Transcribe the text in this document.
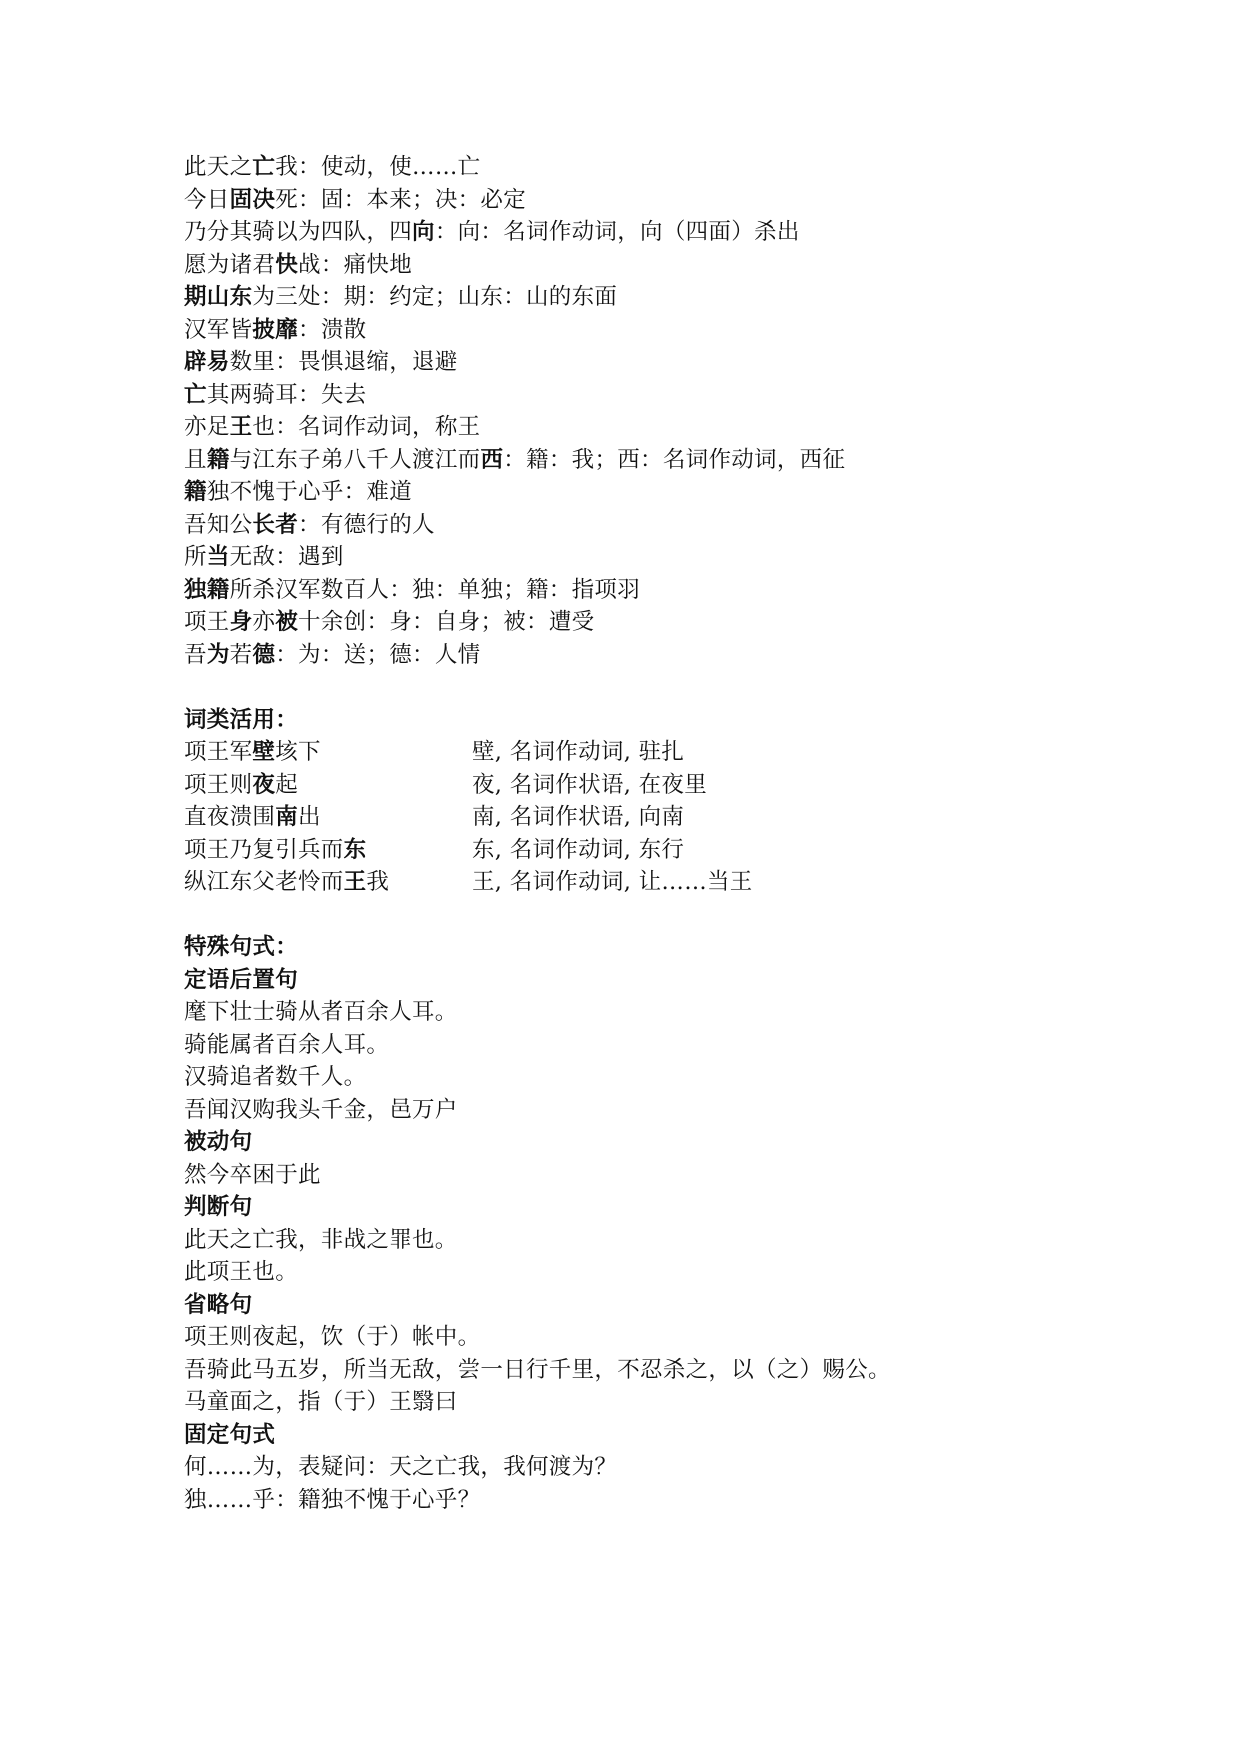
此天之亡我：使动，使……亡
今日固决死：固：本来；决：必定
乃分其骑以为四队，四向：向：名词作动词，向（四面）杀出
愿为诸君快战：痛快地
期山东为三处：期：约定；山东：山的东面
汉军皆披靡：溃散
辟易数里：畏惧退缩，退避
亡其两骑耳：失去
亦足王也：名词作动词，称王
且籍与江东子弟八千人渡江而西：籍：我；西：名词作动词，西征
籍独不愧于心乎：难道
吾知公长者：有德行的人
所当无敌：遇到
独籍所杀汉军数百人：独：单独；籍：指项羽
项王身亦被十余创：身：自身；被：遭受
吾为若德：为：送；德：人情
词类活用：
项王军壁垓下	壁, 名词作动词, 驻扎
项王则夜起	夜, 名词作状语, 在夜里
直夜溃围南出	南, 名词作状语, 向南
项王乃复引兵而东	东, 名词作动词, 东行
纵江东父老怜而王我	王, 名词作动词, 让……当王
特殊句式：
定语后置句
麾下壮士骑从者百余人耳。
骑能属者百余人耳。
汉骑追者数千人。
吾闻汉购我头千金，邑万户
被动句
然今卒困于此
判断句
此天之亡我，非战之罪也。
此项王也。
省略句
项王则夜起，饮（于）帐中。
吾骑此马五岁，所当无敌，尝一日行千里，不忍杀之，以（之）赐公。
马童面之，指（于）王翳曰
固定句式
何……为，表疑问：天之亡我，我何渡为？
独……乎：籍独不愧于心乎？
